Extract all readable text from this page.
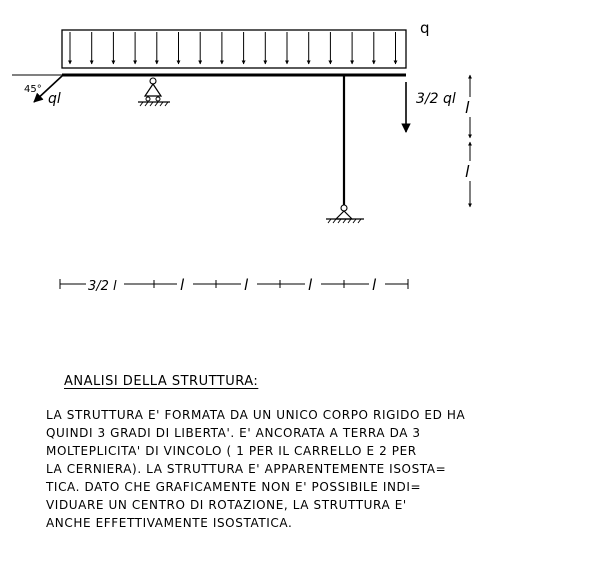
q
45°
ql	3/2 ql l
l
3/2 l	l	l	l	l
ANALISI DELLA STRUTTURA:
LA STRUTTURA E' FORMATA DA UN UNICO CORPO RIGIDO ED HA
QUINDI 3 GRADI DI LIBERTA'. E' ANCORATA A TERRA DA 3
MOLTEPLICITA' DI VINCOLO ( 1 PER IL CARRELLO E 2 PER
LA CERNIERA). LA STRUTTURA E' APPARENTEMENTE ISOSTA=
TICA. DATO CHE GRAFICAMENTE NON E' POSSIBILE INDI=
VIDUARE UN CENTRO DI ROTAZIONE, LA STRUTTURA E'
ANCHE EFFETTIVAMENTE ISOSTATICA.
